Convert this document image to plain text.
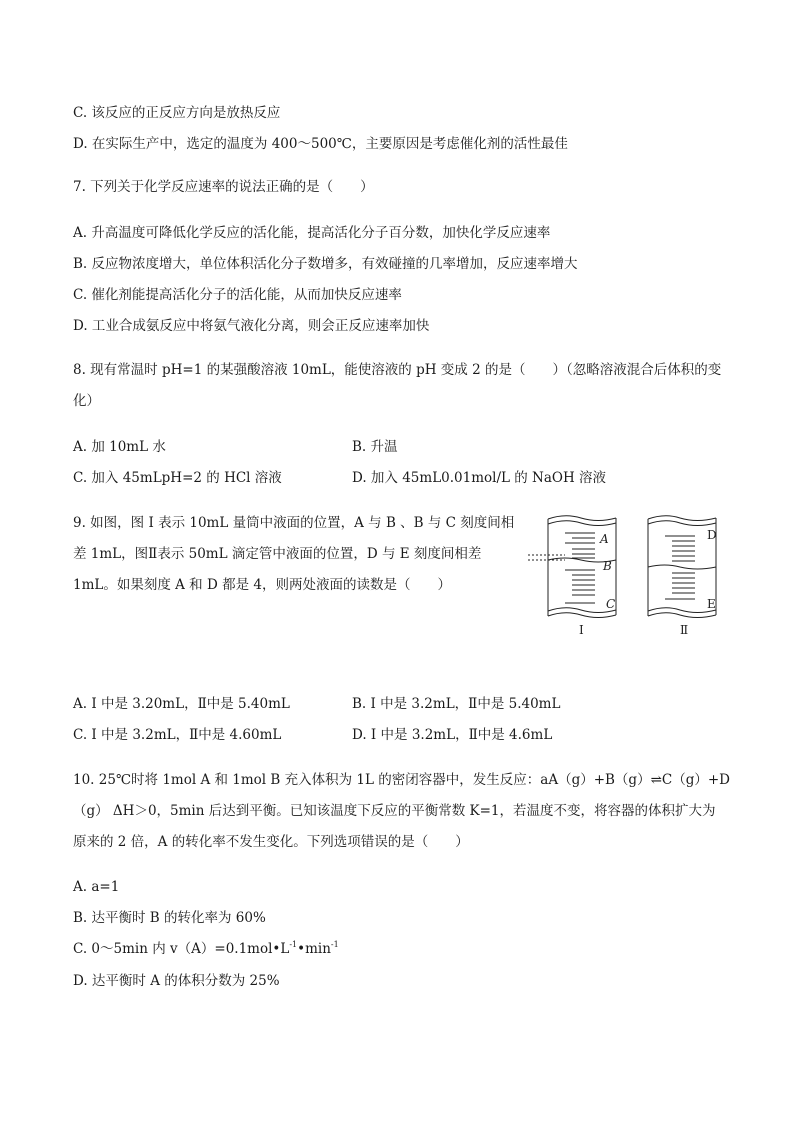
C. 该反应的正反应方向是放热反应
D. 在实际生产中，选定的温度为 400～500℃，主要原因是考虑催化剂的活性最佳
7. 下列关于化学反应速率的说法正确的是（　　）
A. 升高温度可降低化学反应的活化能，提高活化分子百分数，加快化学反应速率
B. 反应物浓度增大，单位体积活化分子数增多，有效碰撞的几率增加，反应速率增大
C. 催化剂能提高活化分子的活化能，从而加快反应速率
D. 工业合成氨反应中将氨气液化分离，则会正反应速率加快
8. 现有常温时 pH=1 的某强酸溶液 10mL，能使溶液的 pH 变成 2 的是（　　）（忽略溶液混合后体积的变
化）
A. 加 10mL 水	B. 升温
C. 加入 45mLpH=2 的 HCl 溶液	D. 加入 45mL0.01mol/L 的 NaOH 溶液
9. 如图，图 I 表示 10mL 量筒中液面的位置，A 与 B 、B 与 C 刻度间相
差 1mL，图Ⅱ表示 50mL 滴定管中液面的位置，D 与 E 刻度间相差
1mL。如果刻度 A 和 D 都是 4，则两处液面的读数是（　　）
A
B
C
D
E
I	Ⅱ
A. I 中是 3.20mL，Ⅱ中是 5.40mL	B. I 中是 3.2mL，Ⅱ中是 5.40mL
C. I 中是 3.2mL，Ⅱ中是 4.60mL	D. I 中是 3.2mL，Ⅱ中是 4.6mL
10. 25℃时将 1mol A 和 1mol B 充入体积为 1L 的密闭容器中，发生反应：aA（g）+B（g）⇌C（g）+D
（g） ΔH＞0，5min 后达到平衡。已知该温度下反应的平衡常数 K=1，若温度不变，将容器的体积扩大为
原来的 2 倍，A 的转化率不发生变化。下列选项错误的是（　　）
A. a=1
B. 达平衡时 B 的转化率为 60%
C. 0～5min 内 $v(A)=0.1mol•L^{-1}•\min^{-1}$
D. 达平衡时 A 的体积分数为 25%
